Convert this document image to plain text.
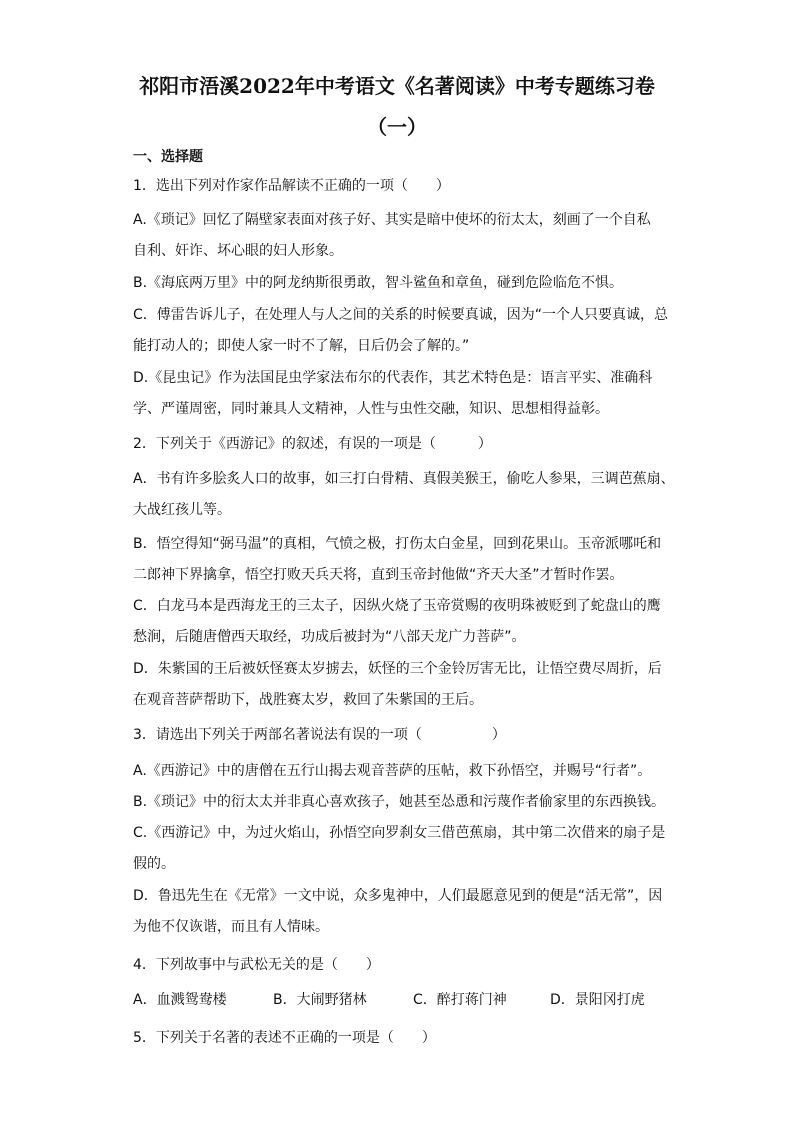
祁阳市浯溪2022年中考语文《名著阅读》中考专题练习卷
（一）
一、选择题
1．选出下列对作家作品解读不正确的一项（　　）
A.《琐记》回忆了隔壁家表面对孩子好、其实是暗中使坏的衍太太，刻画了一个自私
自利、奸诈、坏心眼的妇人形象。
B.《海底两万里》中的阿龙纳斯很勇敢，智斗鲨鱼和章鱼，碰到危险临危不惧。
C．傅雷告诉儿子，在处理人与人之间的关系的时候要真诚，因为“一个人只要真诚，总
能打动人的；即使人家一时不了解，日后仍会了解的。”
D.《昆虫记》作为法国昆虫学家法布尔的代表作，其艺术特色是：语言平实、准确科
学、严谨周密，同时兼具人文精神，人性与虫性交融，知识、思想相得益彰。
2．下列关于《西游记》的叙述，有误的一项是（　　　）
A．书有许多脍炙人口的故事，如三打白骨精、真假美猴王，偷吃人参果，三调芭蕉扇、
大战红孩儿等。
B．悟空得知“弼马温”的真相，气愤之极，打伤太白金星，回到花果山。玉帝派哪吒和
二郎神下界擒拿，悟空打败天兵天将，直到玉帝封他做“齐天大圣”才暂时作罢。
C．白龙马本是西海龙王的三太子，因纵火烧了玉帝赏赐的夜明珠被贬到了蛇盘山的鹰
愁涧，后随唐僧西天取经，功成后被封为“八部天龙广力菩萨”。
D．朱紫国的王后被妖怪赛太岁掳去，妖怪的三个金铃厉害无比，让悟空费尽周折，后
在观音菩萨帮助下，战胜赛太岁，救回了朱紫国的王后。
3．请选出下列关于两部名著说法有误的一项（　　　　　）
A.《西游记》中的唐僧在五行山揭去观音菩萨的压帖，救下孙悟空，并赐号“行者”。
B.《琐记》中的衍太太并非真心喜欢孩子，她甚至怂恿和污蔑作者偷家里的东西换钱。
C.《西游记》中，为过火焰山，孙悟空向罗刹女三借芭蕉扇，其中第二次借来的扇子是
假的。
D．鲁迅先生在《无常》一文中说，众多鬼神中，人们最愿意见到的便是“活无常”，因
为他不仅诙谐，而且有人情味。
4．下列故事中与武松无关的是（　　）
A．血溅鸳鸯楼	B．大闹野猪林	C．醉打蒋门神	D．景阳冈打虎
5．下列关于名著的表述不正确的一项是（　　）
